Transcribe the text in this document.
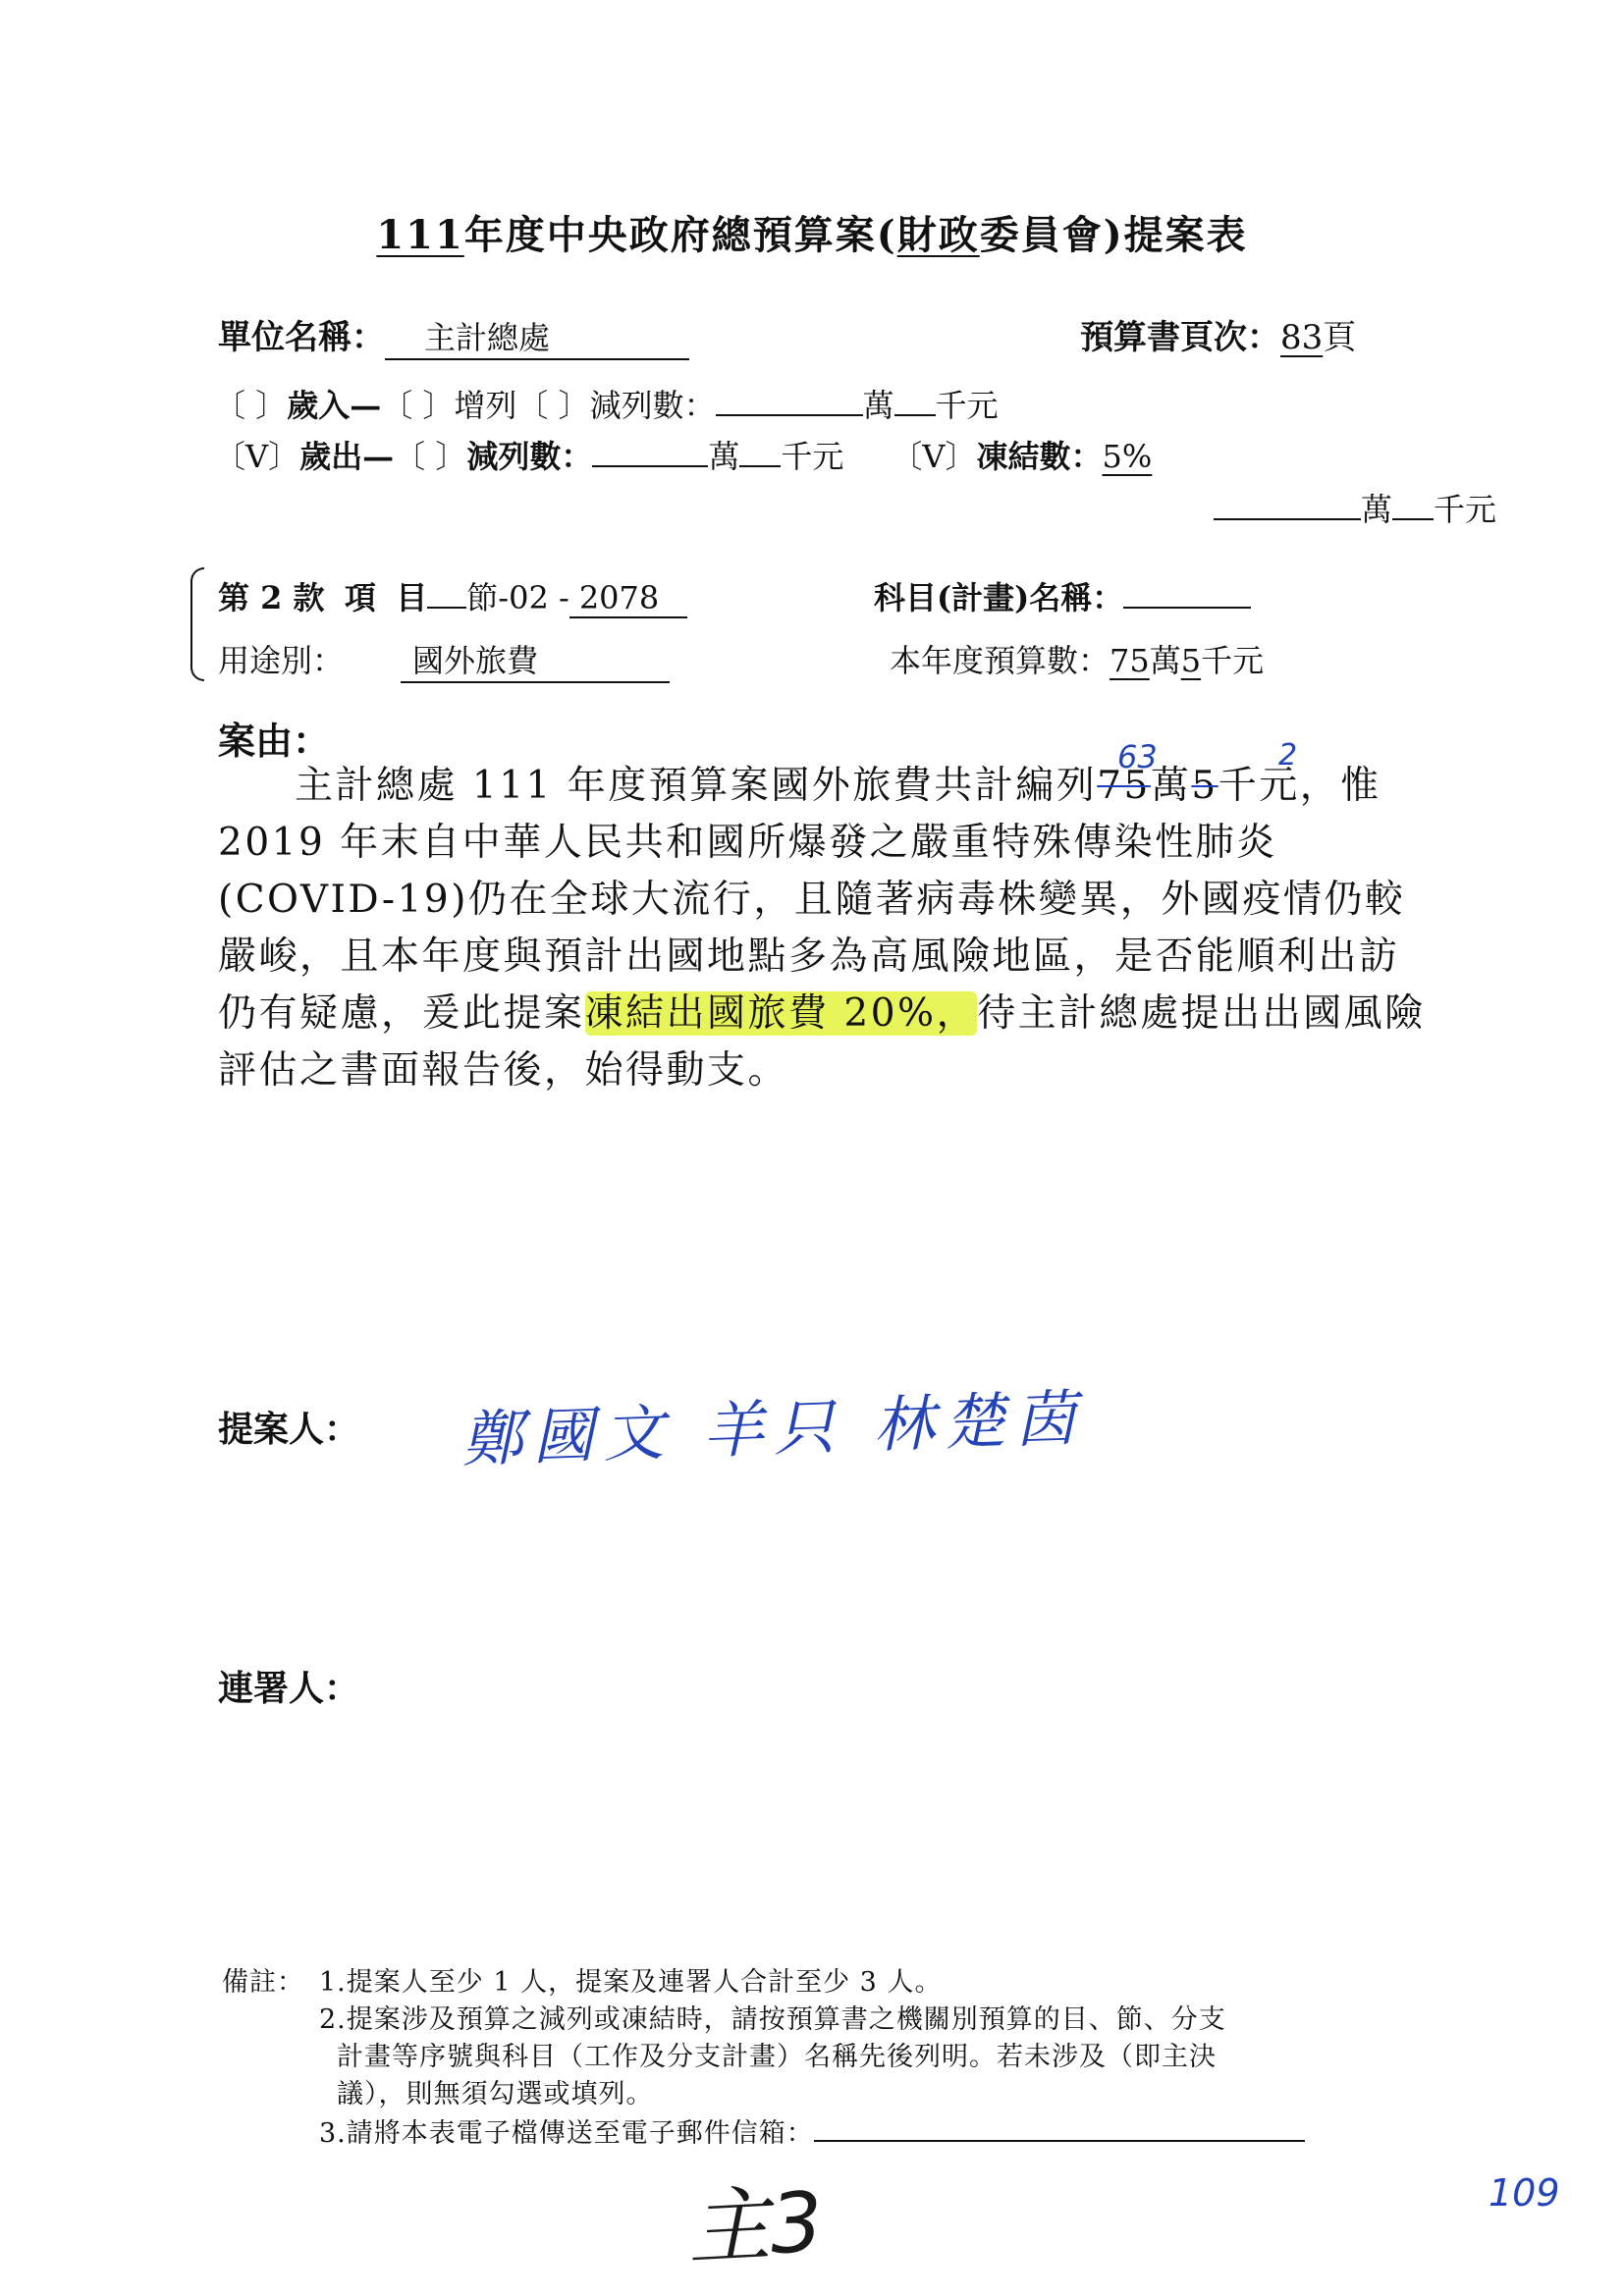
111年度中央政府總預算案(財政委員會)提案表
單位名稱： 主計總處	預算書頁次：83頁
〔 〕歲入—〔 〕增列〔 〕減列數：	萬 千元
〔V〕歲出—〔 〕減列數：	萬 千元 〔V〕凍結數：5%
萬 千元
第 2 款 項 目 節-02 - 2078	科目(計畫)名稱：
用途別： 國外旅費	本年度預算數：75萬5千元
案由：	63	2
主計總處 111 年度預算案國外旅費共計編列75萬5千元，惟 2019 年末自中華人民共和國所爆發之嚴重特殊傳染性肺炎 (COVID-19)仍在全球大流行，且隨著病毒株變異，外國疫情仍較嚴峻，且本年度與預計出國地點多為高風險地區，是否能順利出訪仍有疑慮，爰此提案凍結出國旅費 20%，待主計總處提出出國風險評估之書面報告後，始得動支。
提案人： 鄭國文 羊只 林楚茵
連署人：
備註： 1.提案人至少 1 人，提案及連署人合計至少 3 人。
2.提案涉及預算之減列或凍結時，請按預算書之機關別預算的目、節、分支
計畫等序號與科目（工作及分支計畫）名稱先後列明。若未涉及（即主決
議），則無須勾選或填列。
3.請將本表電子檔傳送至電子郵件信箱：
主3	109
